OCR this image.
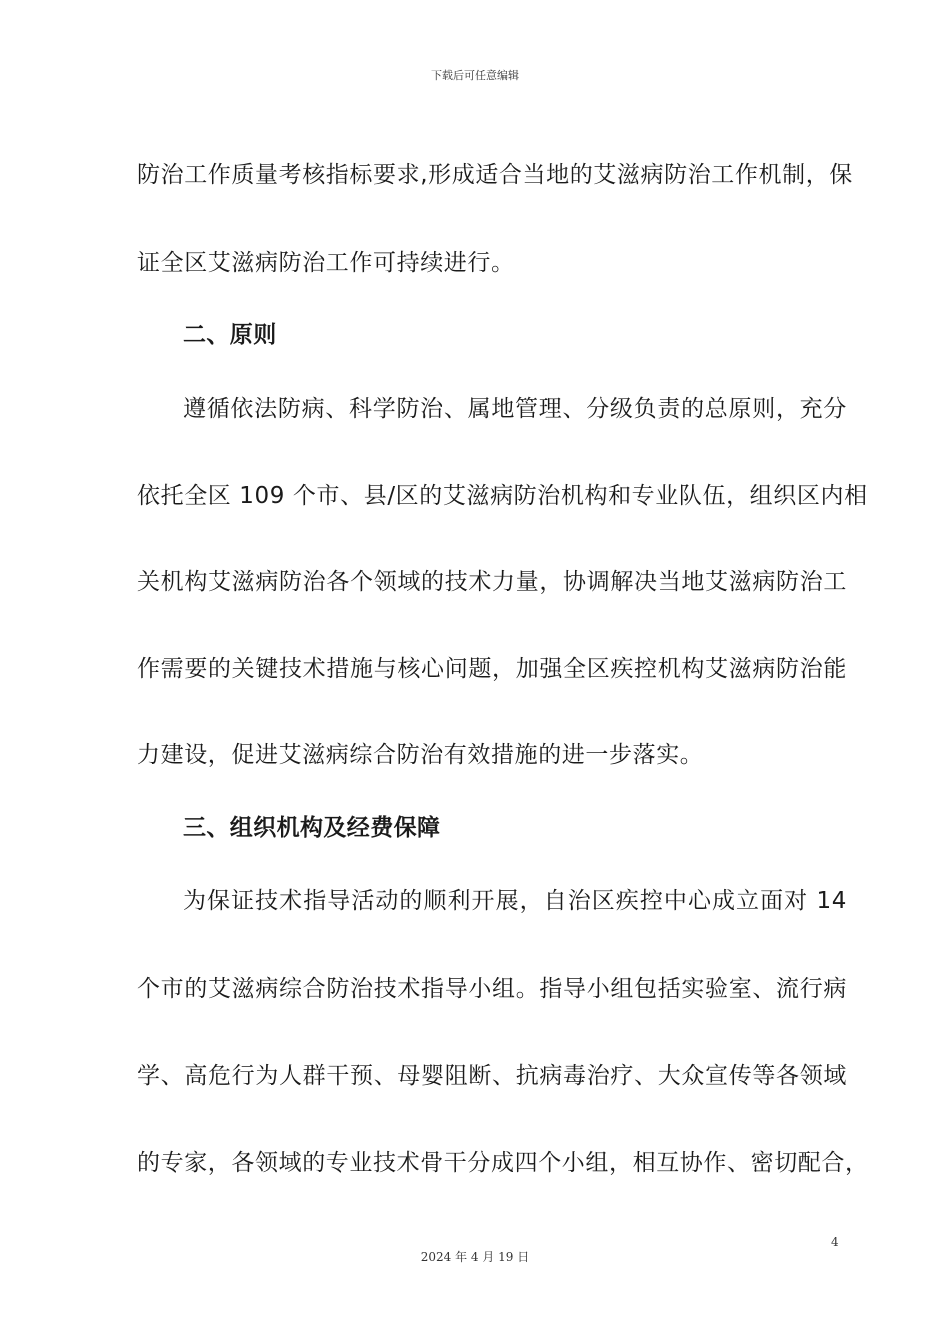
下载后可任意编辑
防治工作质量考核指标要求,形成适合当地的艾滋病防治工作机制，保
证全区艾滋病防治工作可持续进行。
二、原则
遵循依法防病、科学防治、属地管理、分级负责的总原则，充分
依托全区 109 个市、县/区的艾滋病防治机构和专业队伍，组织区内相
关机构艾滋病防治各个领域的技术力量，协调解决当地艾滋病防治工
作需要的关键技术措施与核心问题，加强全区疾控机构艾滋病防治能
力建设，促进艾滋病综合防治有效措施的进一步落实。
三、组织机构及经费保障
为保证技术指导活动的顺利开展，自治区疾控中心成立面对 14
个市的艾滋病综合防治技术指导小组。指导小组包括实验室、流行病
学、高危行为人群干预、母婴阻断、抗病毒治疗、大众宣传等各领域
的专家，各领域的专业技术骨干分成四个小组，相互协作、密切配合，
4
2024 年 4 月 19 日
